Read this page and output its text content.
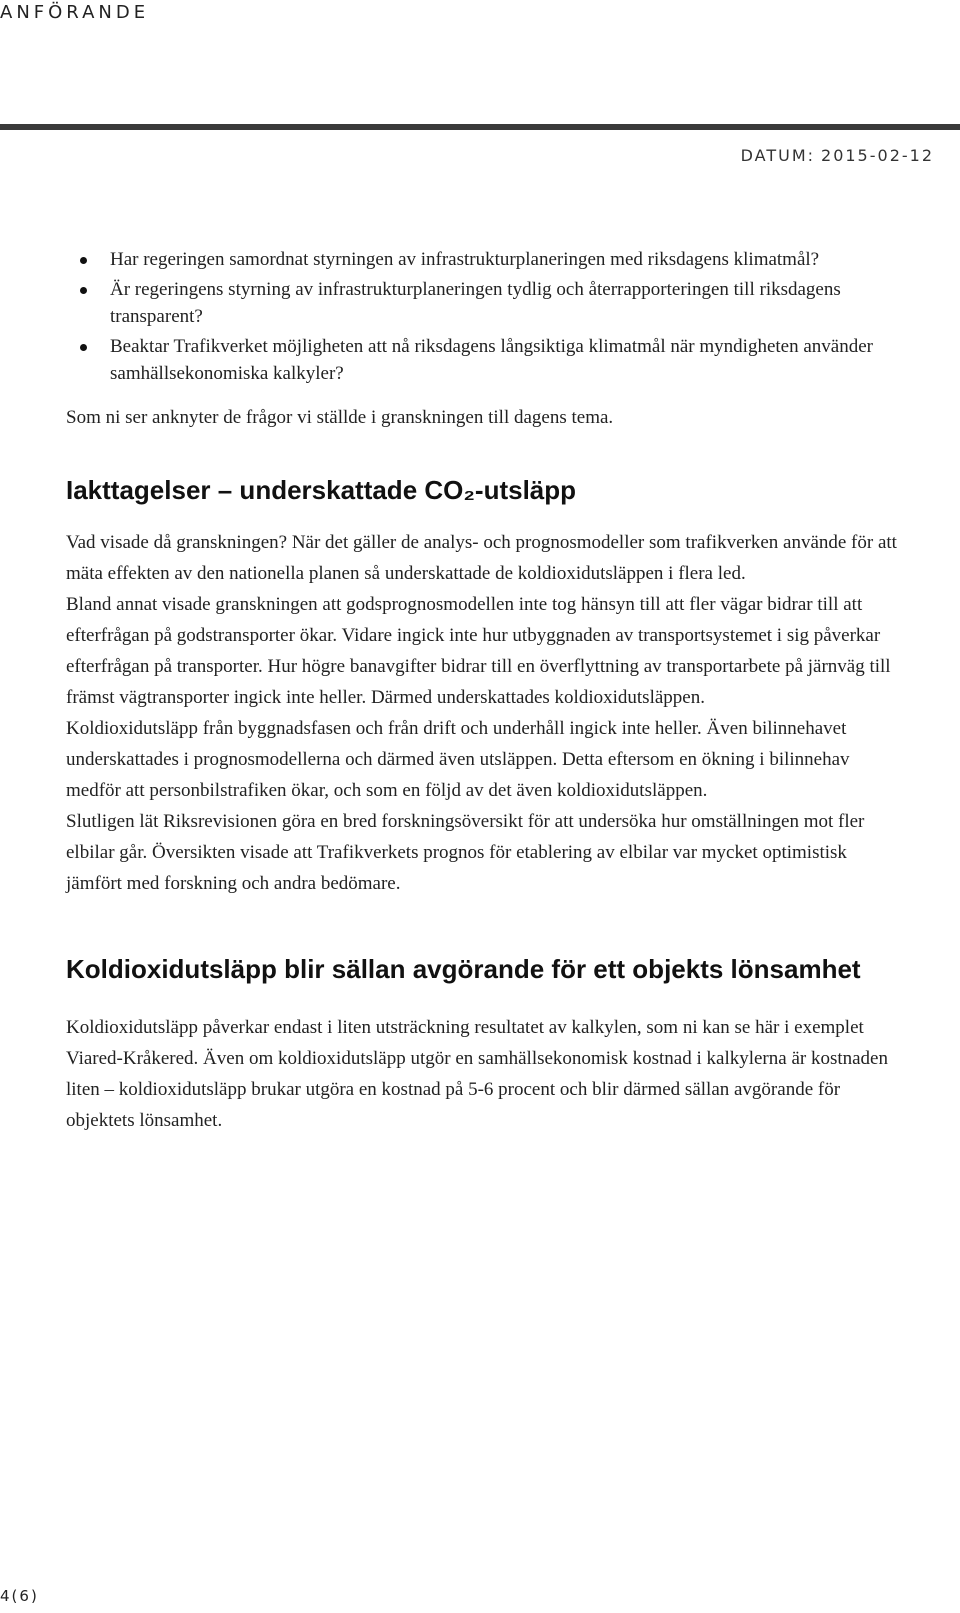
ANFÖRANDE
DATUM: 2015-02-12
Har regeringen samordnat styrningen av infrastrukturplaneringen med riksdagens klimatmål?
Är regeringens styrning av infrastrukturplaneringen tydlig och återrapporteringen till riksdagens transparent?
Beaktar Trafikverket möjligheten att nå riksdagens långsiktiga klimatmål när myndigheten använder samhällsekonomiska kalkyler?

Som ni ser anknyter de frågor vi ställde i granskningen till dagens tema.

Iakttagelser – underskattade CO₂-utsläpp

Vad visade då granskningen? När det gäller de analys- och prognosmodeller som trafikverken använde för att mäta effekten av den nationella planen så underskattade de koldioxidutsläppen i flera led.

Bland annat visade granskningen att godsprognosmodellen inte tog hänsyn till att fler vägar bidrar till att efterfrågan på godstransporter ökar. Vidare ingick inte hur utbyggnaden av transportsystemet i sig påverkar efterfrågan på transporter. Hur högre banavgifter bidrar till en överflyttning av transportarbete på järnväg till främst vägtransporter ingick inte heller. Därmed underskattades koldioxidutsläppen.

Koldioxidutsläpp från byggnadsfasen och från drift och underhåll ingick inte heller. Även bilinnehavet underskattades i prognosmodellerna och därmed även utsläppen. Detta eftersom en ökning i bilinnehav medför att personbilstrafiken ökar, och som en följd av det även koldioxidutsläppen.

Slutligen lät Riksrevisionen göra en bred forskningsöversikt för att undersöka hur omställningen mot fler elbilar går. Översikten visade att Trafikverkets prognos för etablering av elbilar var mycket optimistisk jämfört med forskning och andra bedömare.

Koldioxidutsläpp blir sällan avgörande för ett objekts lönsamhet

Koldioxidutsläpp påverkar endast i liten utsträckning resultatet av kalkylen, som ni kan se här i exemplet Viared-Kråkered. Även om koldioxidutsläpp utgör en samhällsekonomisk kostnad i kalkylerna är kostnaden liten – koldioxidutsläpp brukar utgöra en kostnad på 5-6 procent och blir därmed sällan avgörande för objektets lönsamhet.

4(6)
